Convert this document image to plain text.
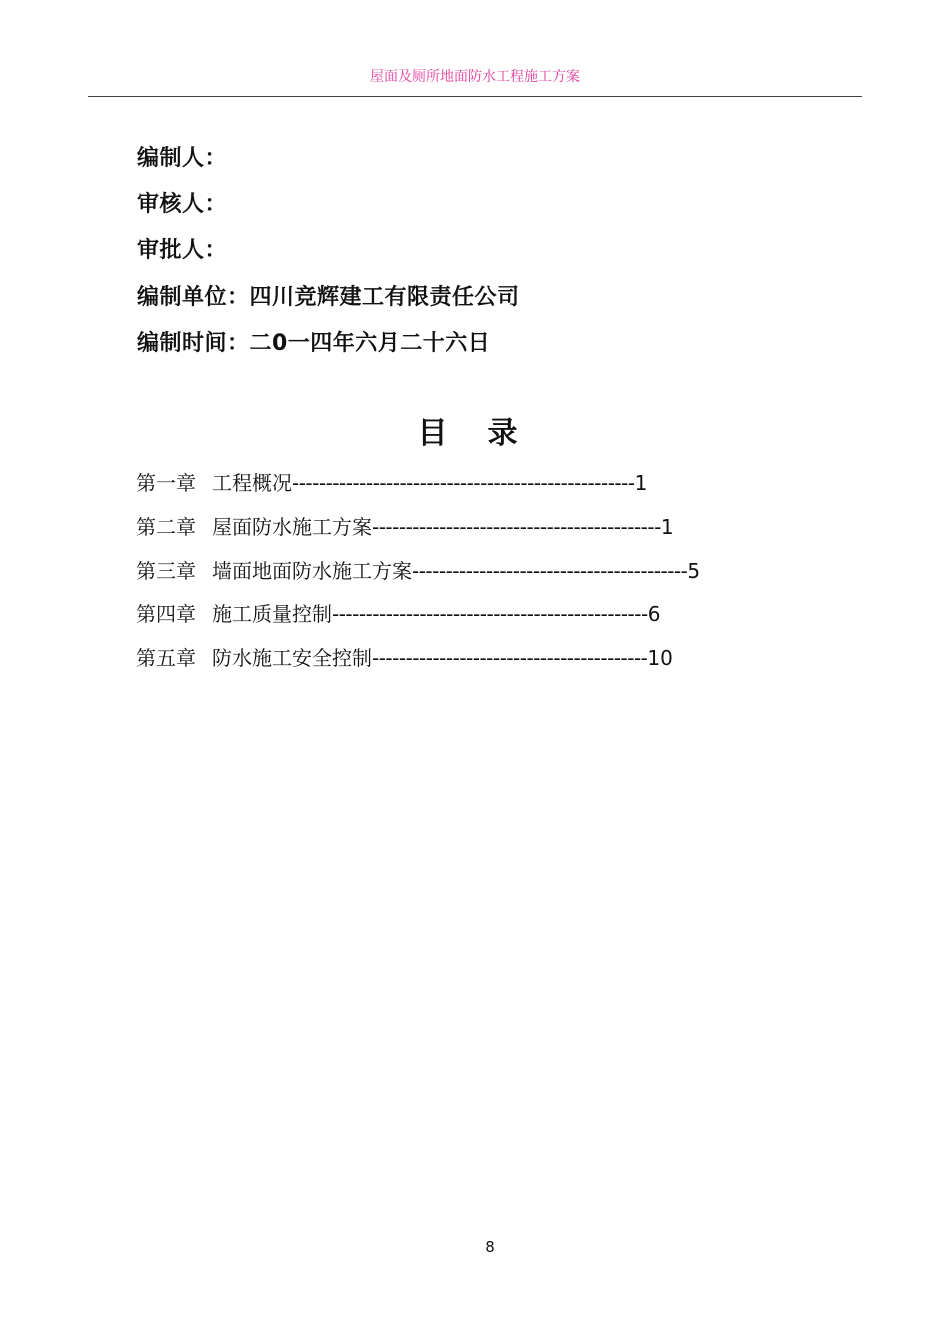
屋面及厕所地面防水工程施工方案
编制人：
审核人：
审批人：
编制单位：四川竞辉建工有限责任公司
编制时间：二0一四年六月二十六日
目录
第一章 工程概况---------------------------------------------------1
第二章 屋面防水施工方案-------------------------------------------1
第三章 墙面地面防水施工方案-----------------------------------------5
第四章 施工质量控制-----------------------------------------------6
第五章 防水施工安全控制-----------------------------------------10
8
